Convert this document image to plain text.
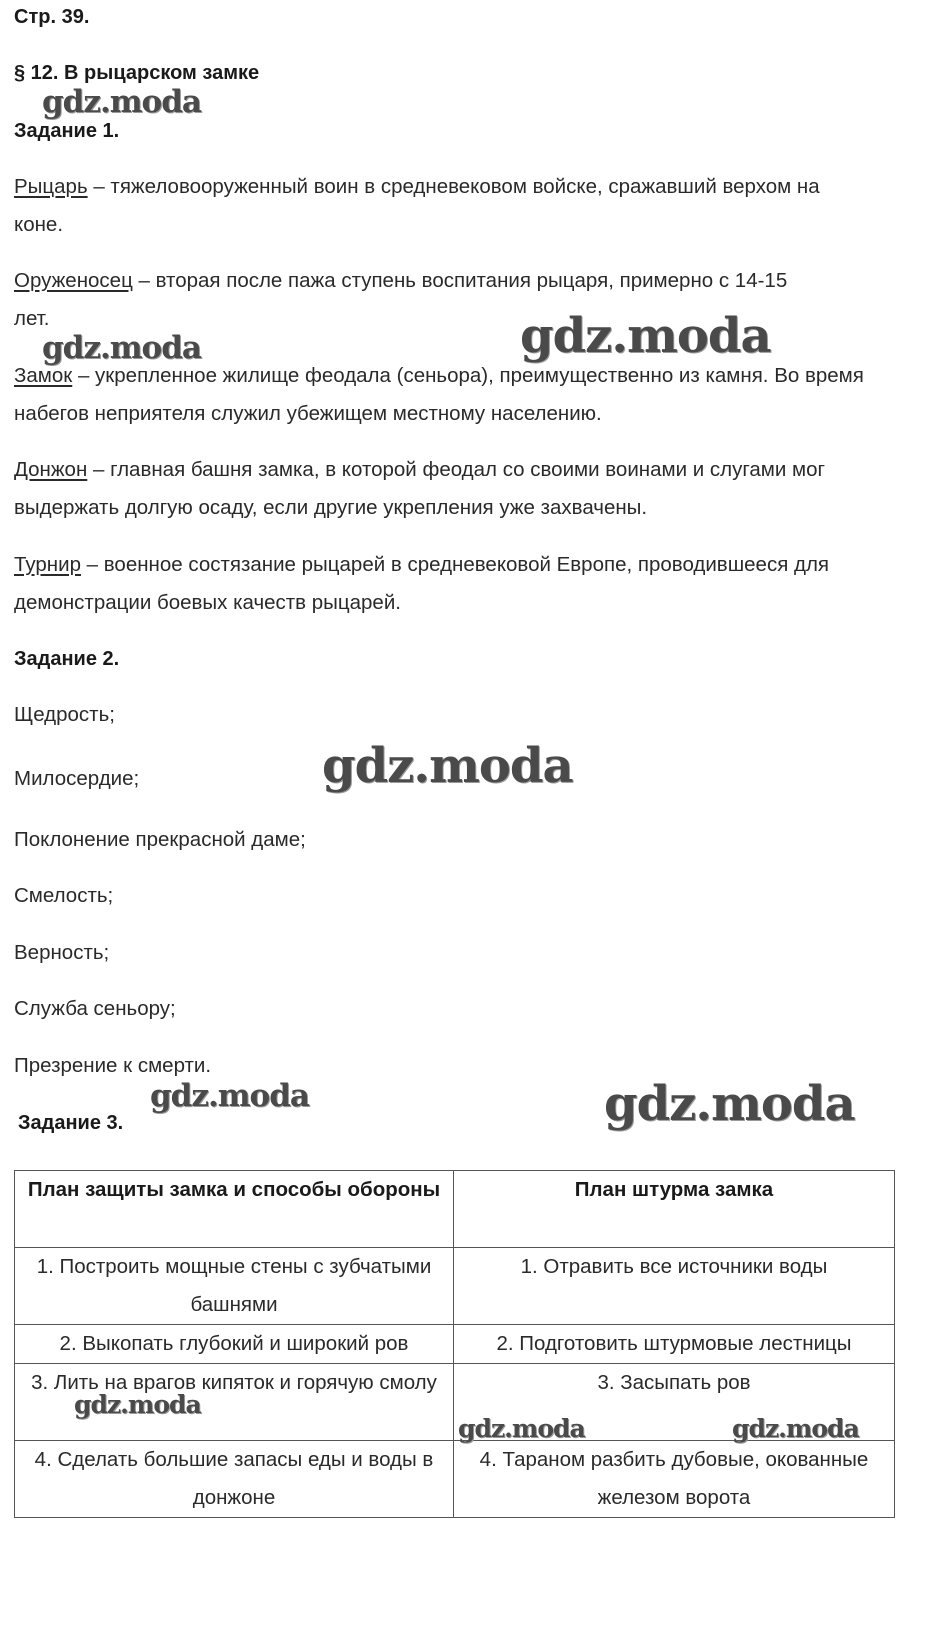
Стр. 39.
§ 12. В рыцарском замке
Задание 1.
Рыцарь – тяжеловооруженный воин в средневековом войске, сражавший верхом на коне.
Оруженосец – вторая после пажа ступень воспитания рыцаря, примерно с 14-15 лет.
Замок – укрепленное жилище феодала (сеньора), преимущественно из камня. Во время набегов неприятеля служил убежищем местному населению.
Донжон – главная башня замка, в которой феодал со своими воинами и слугами мог выдержать долгую осаду, если другие укрепления уже захвачены.
Турнир – военное состязание рыцарей в средневековой Европе, проводившееся для демонстрации боевых качеств рыцарей.
Задание 2.
Щедрость;
Милосердие;
Поклонение прекрасной даме;
Смелость;
Верность;
Служба сеньору;
Презрение к смерти.
Задание 3.
План защиты замка и способы обороны	План штурма замка
1. Построить мощные стены с зубчатыми башнями	1. Отравить все источники воды
2. Выкопать глубокий и широкий ров	2. Подготовить штурмовые лестницы
3. Лить на врагов кипяток и горячую смолу	3. Засыпать ров
4. Сделать большие запасы еды и воды в донжоне	4. Тараном разбить дубовые, окованные железом ворота
gdz.moda
gdz.moda	gdz.moda
gdz.moda
gdz.moda	gdz.moda
gdz.moda
gdz.moda	gdz.moda
